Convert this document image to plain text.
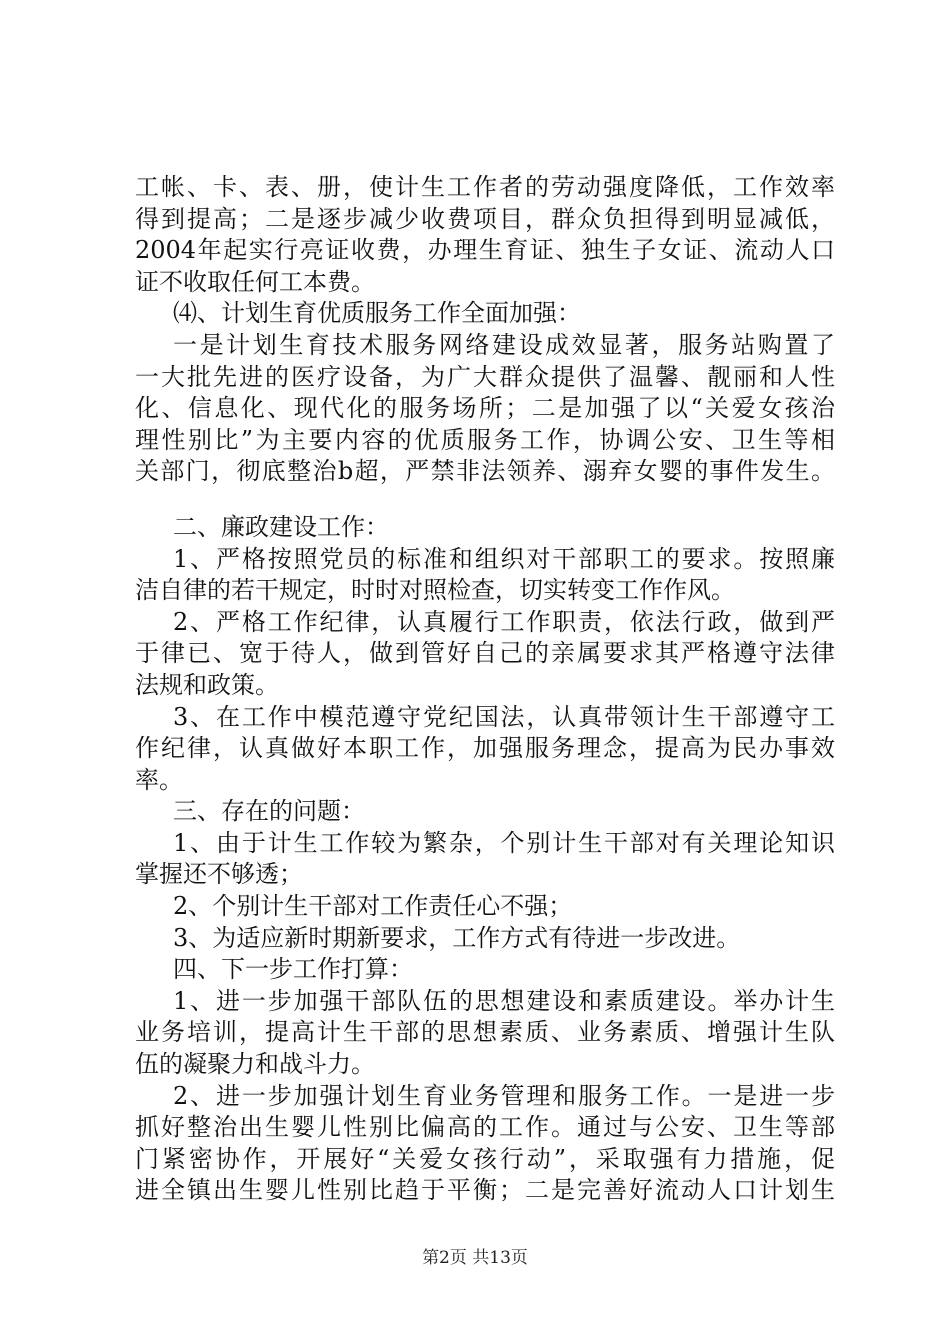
工帐、卡、表、册，使计生工作者的劳动强度降低，工作效率
得到提高；二是逐步减少收费项目，群众负担得到明显减低，
2004年起实行亮证收费，办理生育证、独生子女证、流动人口
证不收取任何工本费。
⑷、计划生育优质服务工作全面加强：
一是计划生育技术服务网络建设成效显著，服务站购置了
一大批先进的医疗设备，为广大群众提供了温馨、靓丽和人性
化、信息化、现代化的服务场所；二是加强了以“关爱女孩治
理性别比”为主要内容的优质服务工作，协调公安、卫生等相
关部门，彻底整治b超，严禁非法领养、溺弃女婴的事件发生。
二、廉政建设工作：
1、严格按照党员的标准和组织对干部职工的要求。按照廉
洁自律的若干规定，时时对照检查，切实转变工作作风。
2、严格工作纪律，认真履行工作职责，依法行政，做到严
于律已、宽于待人，做到管好自己的亲属要求其严格遵守法律
法规和政策。
3、在工作中模范遵守党纪国法，认真带领计生干部遵守工
作纪律，认真做好本职工作，加强服务理念，提高为民办事效
率。
三、存在的问题：
1、由于计生工作较为繁杂，个别计生干部对有关理论知识
掌握还不够透；
2、个别计生干部对工作责任心不强；
3、为适应新时期新要求，工作方式有待进一步改进。
四、下一步工作打算：
1、进一步加强干部队伍的思想建设和素质建设。举办计生
业务培训，提高计生干部的思想素质、业务素质、增强计生队
伍的凝聚力和战斗力。
2、进一步加强计划生育业务管理和服务工作。一是进一步
抓好整治出生婴儿性别比偏高的工作。通过与公安、卫生等部
门紧密协作，开展好“关爱女孩行动”，采取强有力措施，促
进全镇出生婴儿性别比趋于平衡；二是完善好流动人口计划生
第2页 共13页
